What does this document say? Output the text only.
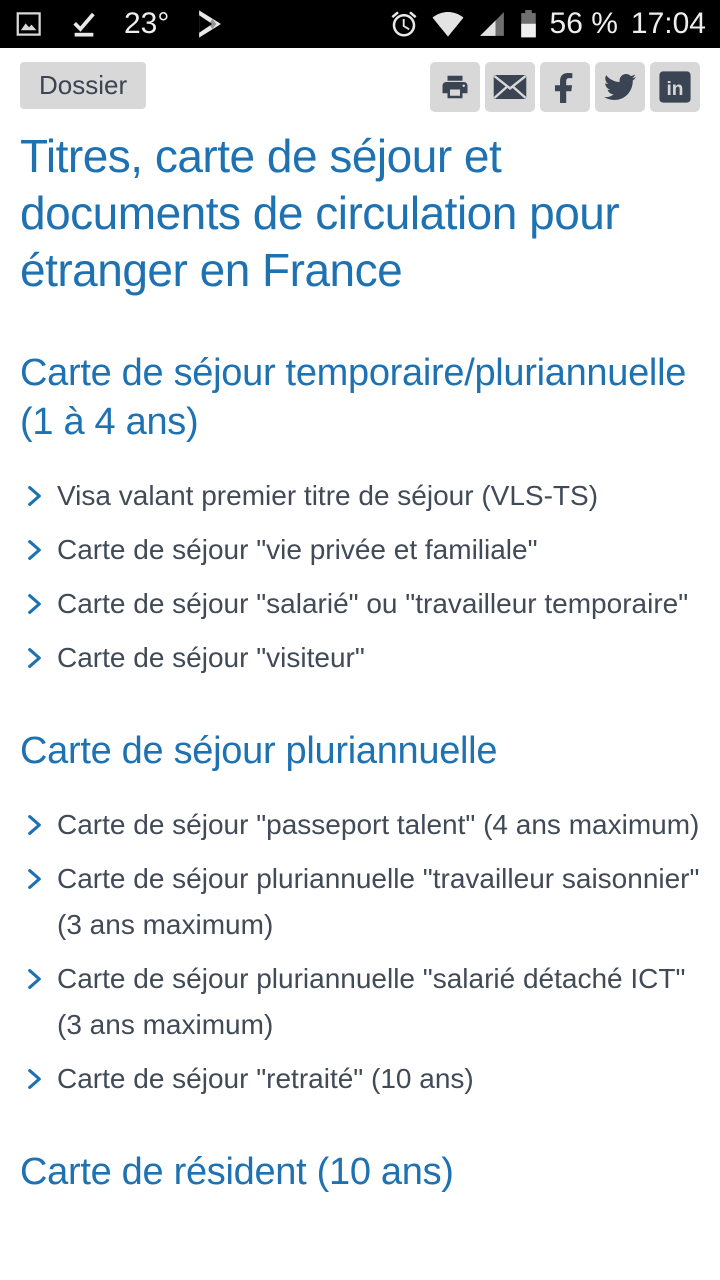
23°	56 % 17:04
Dossier	in
Titres, carte de séjour et documents de circulation pour étranger en France
Carte de séjour temporaire/pluriannuelle (1 à 4 ans)
Visa valant premier titre de séjour (VLS-TS)
Carte de séjour "vie privée et familiale"
Carte de séjour "salarié" ou "travailleur temporaire"
Carte de séjour "visiteur"
Carte de séjour pluriannuelle
Carte de séjour "passeport talent" (4 ans maximum)
Carte de séjour pluriannuelle "travailleur saisonnier" (3 ans maximum)
Carte de séjour pluriannuelle "salarié détaché ICT" (3 ans maximum)
Carte de séjour "retraité" (10 ans)
Carte de résident (10 ans)
